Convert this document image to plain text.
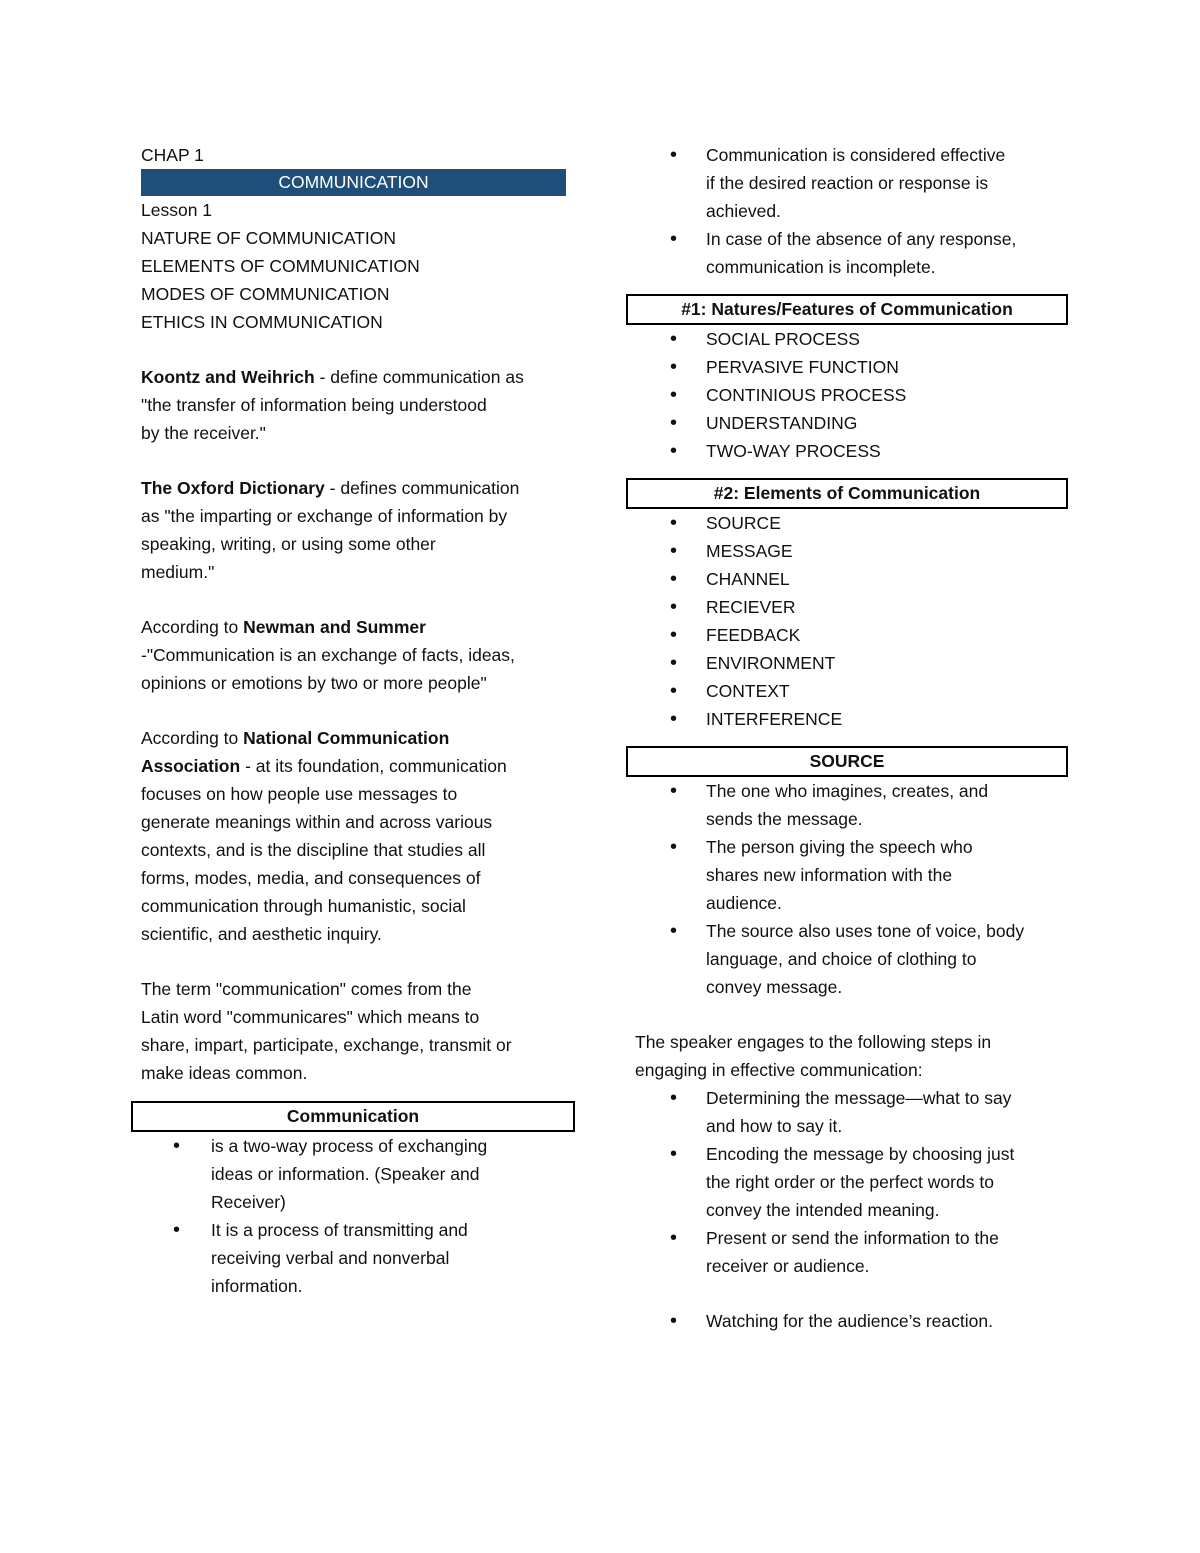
CHAP 1
COMMUNICATION
Lesson 1
NATURE OF COMMUNICATION
ELEMENTS OF COMMUNICATION
MODES OF COMMUNICATION
ETHICS IN COMMUNICATION
Koontz and Weihrich - define communication as
"the transfer of information being understood
by the receiver."
The Oxford Dictionary - defines communication
as "the imparting or exchange of information by
speaking, writing, or using some other
medium."
According to Newman and Summer
-"Communication is an exchange of facts, ideas,
opinions or emotions by two or more people"
According to National Communication
Association - at its foundation, communication
focuses on how people use messages to
generate meanings within and across various
contexts, and is the discipline that studies all
forms, modes, media, and consequences of
communication through humanistic, social
scientific, and aesthetic inquiry.
The term "communication" comes from the
Latin word "communicares" which means to
share, impart, participate, exchange, transmit or
make ideas common.
Communication
• is a two-way process of exchanging
ideas or information. (Speaker and
Receiver)
• It is a process of transmitting and
receiving verbal and nonverbal
information.
• Communication is considered effective
if the desired reaction or response is
achieved.
• In case of the absence of any response,
communication is incomplete.
#1: Natures/Features of Communication
• SOCIAL PROCESS
• PERVASIVE FUNCTION
• CONTINIOUS PROCESS
• UNDERSTANDING
• TWO-WAY PROCESS
#2: Elements of Communication
• SOURCE
• MESSAGE
• CHANNEL
• RECIEVER
• FEEDBACK
• ENVIRONMENT
• CONTEXT
• INTERFERENCE
SOURCE
• The one who imagines, creates, and
sends the message.
• The person giving the speech who
shares new information with the
audience.
• The source also uses tone of voice, body
language, and choice of clothing to
convey message.
The speaker engages to the following steps in
engaging in effective communication:
• Determining the message—what to say
and how to say it.
• Encoding the message by choosing just
the right order or the perfect words to
convey the intended meaning.
• Present or send the information to the
receiver or audience.
• Watching for the audience’s reaction.
